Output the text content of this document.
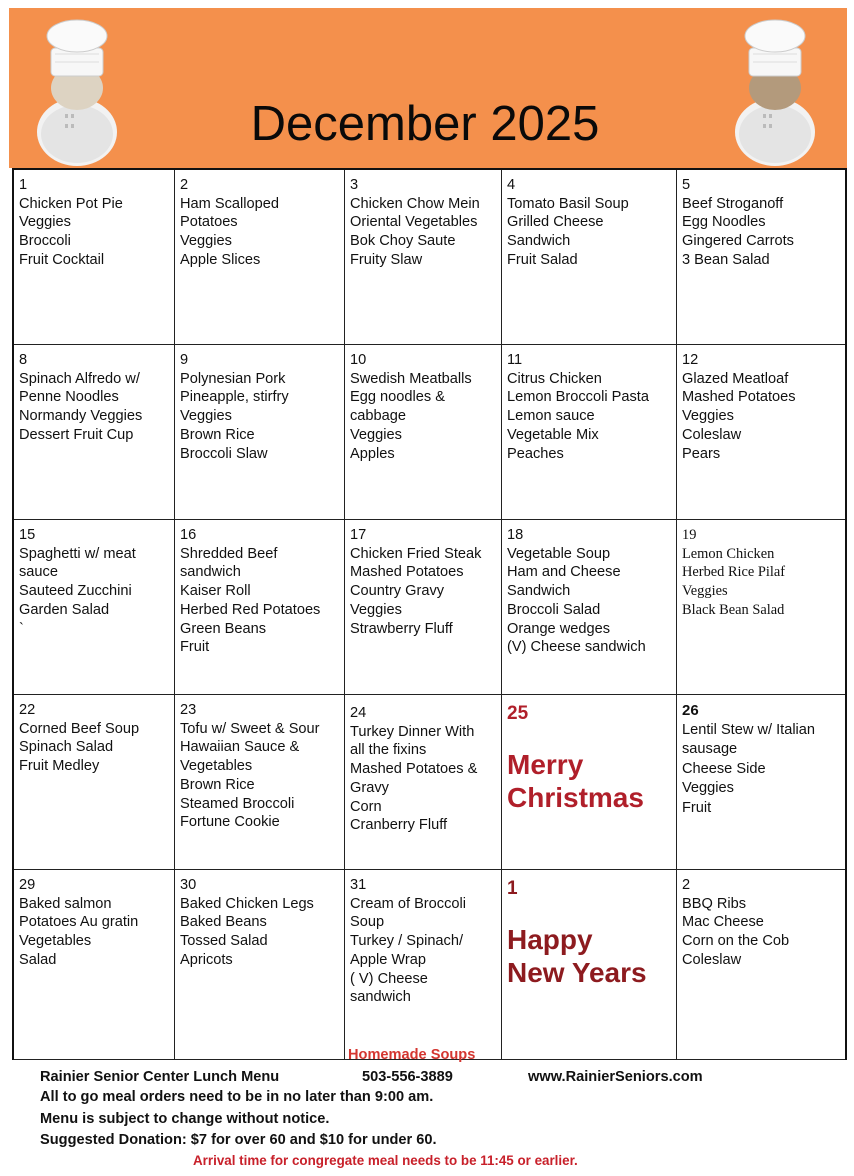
December 2025
1
Chicken Pot Pie
Veggies
Broccoli
Fruit Cocktail
2
Ham Scalloped
Potatoes
Veggies
Apple Slices
3
Chicken Chow Mein
Oriental Vegetables
Bok Choy Saute
Fruity Slaw
4
Tomato Basil Soup
Grilled Cheese
Sandwich
Fruit Salad
5
Beef Stroganoff
Egg Noodles
Gingered Carrots
3 Bean Salad
8
Spinach Alfredo w/
Penne Noodles
Normandy Veggies
Dessert Fruit Cup
9
Polynesian Pork
Pineapple, stirfry
Veggies
Brown Rice
Broccoli Slaw
10
Swedish Meatballs
Egg noodles &
cabbage
Veggies
Apples
11
Citrus Chicken
Lemon Broccoli Pasta
Lemon sauce
Vegetable Mix
Peaches
12
Glazed Meatloaf
Mashed Potatoes
Veggies
Coleslaw
Pears
15
Spaghetti w/ meat
sauce
Sauteed Zucchini
Garden Salad
`
16
Shredded Beef
sandwich
Kaiser Roll
Herbed Red Potatoes
Green Beans
Fruit
17
Chicken Fried Steak
Mashed Potatoes
Country Gravy
Veggies
Strawberry Fluff
18
Vegetable Soup
Ham and Cheese
Sandwich
Broccoli Salad
Orange wedges
(V) Cheese sandwich
19
Lemon Chicken
Herbed Rice Pilaf
Veggies
Black Bean Salad
22
Corned Beef Soup
Spinach Salad
Fruit Medley
23
Tofu w/ Sweet & Sour
Hawaiian Sauce &
Vegetables
Brown Rice
Steamed Broccoli
Fortune Cookie
24
Turkey Dinner With
all the fixins
Mashed Potatoes &
Gravy
Corn
Cranberry Fluff
25
Merry
Christmas
26
Lentil Stew w/ Italian
sausage
Cheese Side
Veggies
Fruit
29
Baked salmon
Potatoes Au gratin
Vegetables
Salad
30
Baked Chicken Legs
Baked Beans
Tossed Salad
Apricots
31
Cream of Broccoli
Soup
Turkey / Spinach/
Apple Wrap
( V) Cheese
sandwich
1
Happy
New Years
2
BBQ Ribs
Mac Cheese
Corn on the Cob
Coleslaw
Homemade Soups
Rainier Senior Center Lunch Menu	503-556-3889	www.RainierSeniors.com
All to go meal orders need to be in no later than 9:00 am.
Menu is subject to change without notice.
Suggested Donation: $7 for over 60 and $10 for under 60.
Arrival time for congregate meal needs to be 11:45 or earlier.
